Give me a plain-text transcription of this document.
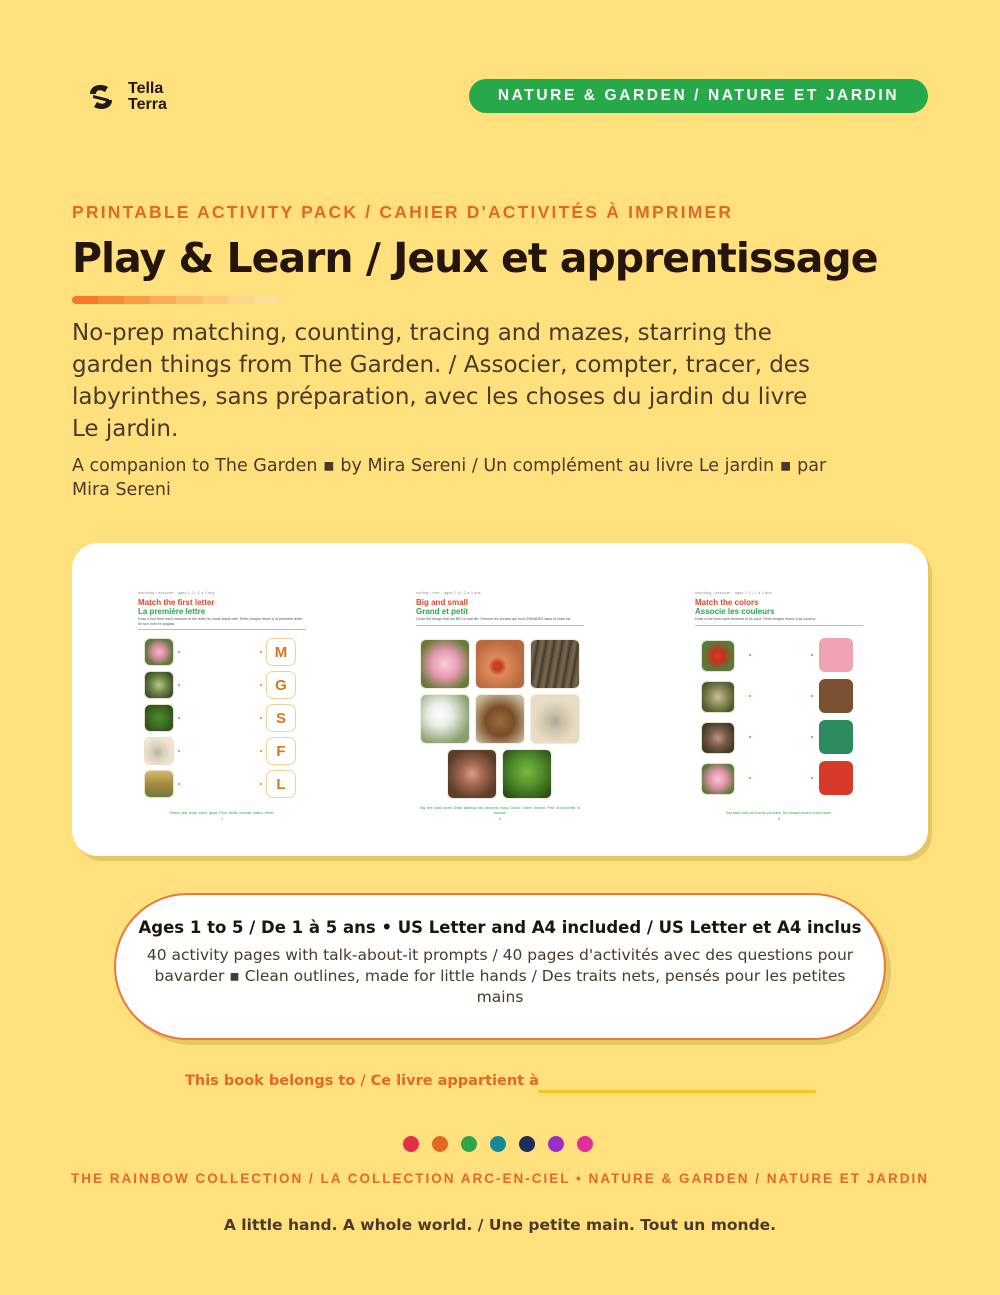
Tella
Terra
NATURE & GARDEN / NATURE ET JARDIN
PRINTABLE ACTIVITY PACK / CAHIER D'ACTIVITÉS À IMPRIMER
Play & Learn / Jeux et apprentissage
No-prep matching, counting, tracing and mazes, starring the garden things from The Garden. / Associer, compter, tracer, des labyrinthes, sans préparation, avec les choses du jardin du livre Le jardin.
A companion to The Garden ▪ by Mira Sereni / Un complément au livre Le jardin ▪ par Mira Sereni
matching / associer · ages 1-3 / 1 à 3 ans
Match the first letter
La première lettre
Draw a line from each treasure to the letter its name starts with. Relie chaque trésor à la première lettre de son nom en anglais.
M
G
S
F
L
Flower, leaf, moss, stone, grass. Fleur, feuille, mousse, caillou, herbe.
1
sorting / trier · ages 2-4 / 2 à 4 ans
Big and small
Grand et petit
Circle the things that are BIG in real life. Entoure les choses qui sont GRANDES dans la vraie vie.
Big: tree, bark, stone. Small: ladybug, ball, pinecone, moss. Grand : l'arbre, l'écorce. Petit : la coccinelle, la mousse.
2
matching / associer · ages 1-3 / 1 à 3 ans
Match the colors
Associe les couleurs
Draw a line from each treasure to its color. Relie chaque trésor à sa couleur.
Say each color out loud as you trace. Dis chaque couleur à voix haute.
3
Ages 1 to 5 / De 1 à 5 ans • US Letter and A4 included / US Letter et A4 inclus
40 activity pages with talk-about-it prompts / 40 pages d'activités avec des questions pour bavarder ▪ Clean outlines, made for little hands / Des traits nets, pensés pour les petites mains
This book belongs to / Ce livre appartient à
THE RAINBOW COLLECTION / LA COLLECTION ARC-EN-CIEL • NATURE & GARDEN / NATURE ET JARDIN
A little hand. A whole world. / Une petite main. Tout un monde.
